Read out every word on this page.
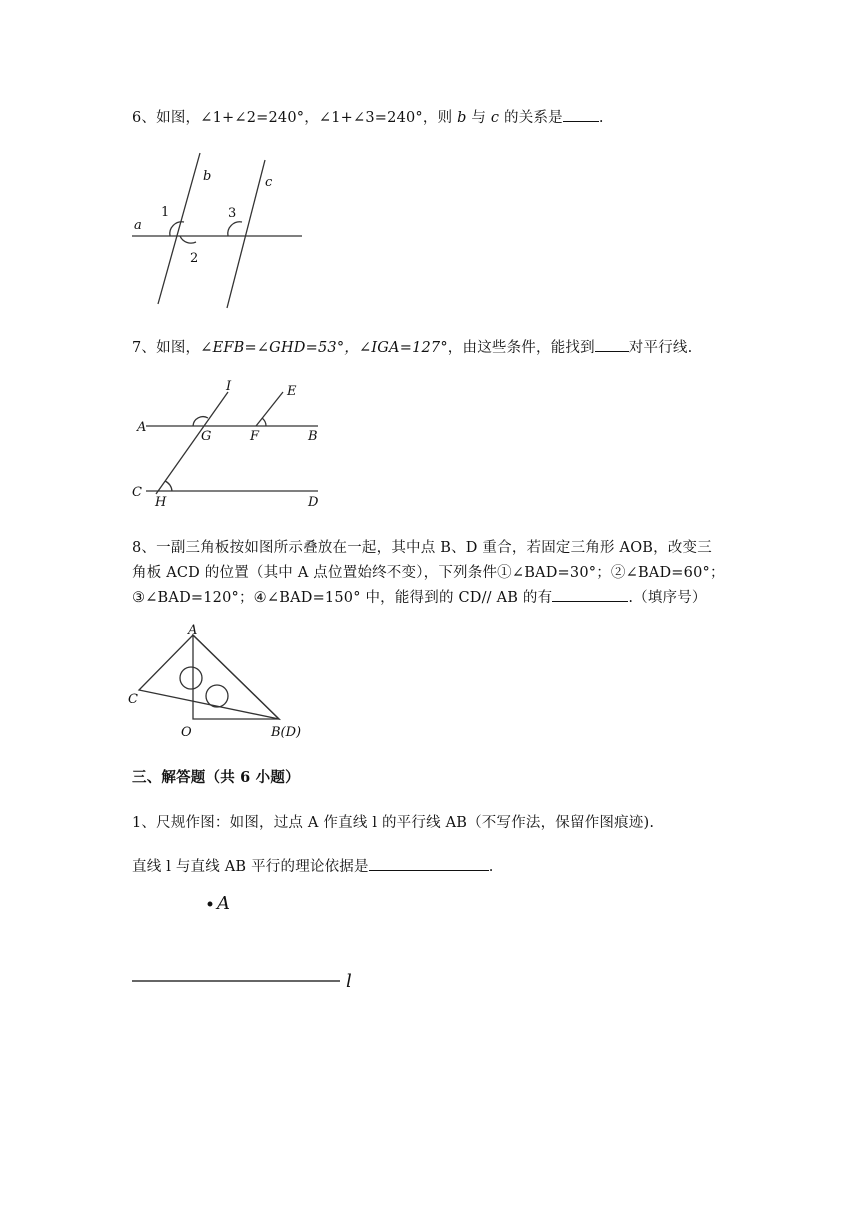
6、如图，∠1+∠2=240°，∠1+∠3=240°，则 b 与 c 的关系是 .
a
b	c
1
2
3
7、如图，∠EFB=∠GHD=53°，∠IGA=127°，由这些条件，能找到 对平行线.
A
B
C
D
E
F
G
H
I
8、一副三角板按如图所示叠放在一起，其中点 B、D 重合，若固定三角形 AOB，改变三
角板 ACD 的位置（其中 A 点位置始终不变），下列条件①∠BAD=30°；②∠BAD=60°；
③∠BAD=120°；④∠BAD=150° 中，能得到的 CD// AB 的有	.（填序号）
A
C
O	B(D)
三、解答题（共 6 小题）
1、尺规作图：如图，过点 A 作直线 l 的平行线 AB（不写作法，保留作图痕迹).
直线 l 与直线 AB 平行的理论依据是	.
A
l
